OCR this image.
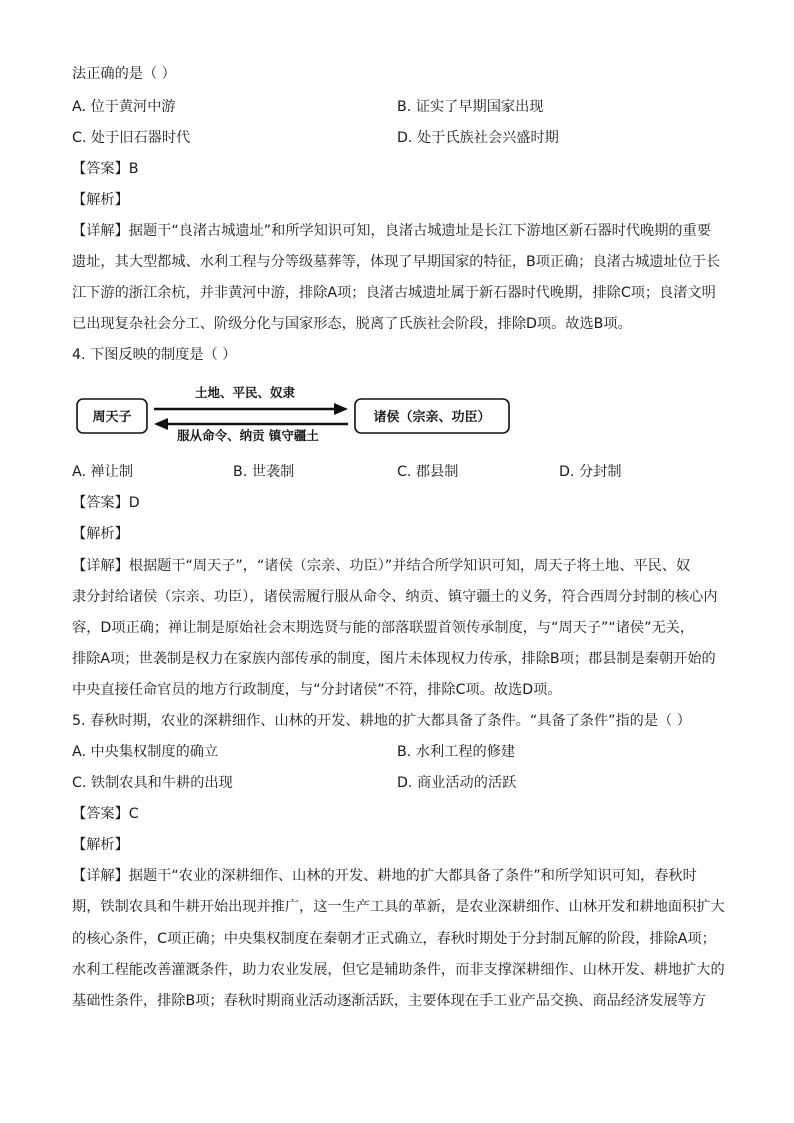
法正确的是（ ）
A. 位于黄河中游	B. 证实了早期国家出现
C. 处于旧石器时代	D. 处于氏族社会兴盛时期
【答案】B
【解析】
【详解】据题干“良渚古城遗址”和所学知识可知，良渚古城遗址是长江下游地区新石器时代晚期的重要
遗址，其大型都城、水利工程与分等级墓葬等，体现了早期国家的特征，B项正确；良渚古城遗址位于长
江下游的浙江余杭，并非黄河中游，排除A项；良渚古城遗址属于新石器时代晚期，排除C项；良渚文明
已出现复杂社会分工、阶级分化与国家形态，脱离了氏族社会阶段，排除D项。故选B项。
4. 下图反映的制度是（ ）
周天子	诸侯（宗亲、功臣）
土地、平民、奴隶
服从命令、纳贡 镇守疆土
A. 禅让制	B. 世袭制	C. 郡县制	D. 分封制
【答案】D
【解析】
【详解】根据题干“周天子”，“诸侯（宗亲、功臣）”并结合所学知识可知，周天子将土地、平民、奴
隶分封给诸侯（宗亲、功臣），诸侯需履行服从命令、纳贡、镇守疆土的义务，符合西周分封制的核心内
容，D项正确；禅让制是原始社会末期选贤与能的部落联盟首领传承制度，与“周天子”“诸侯”无关，
排除A项；世袭制是权力在家族内部传承的制度，图片未体现权力传承，排除B项；郡县制是秦朝开始的
中央直接任命官员的地方行政制度，与“分封诸侯”不符，排除C项。故选D项。
5. 春秋时期，农业的深耕细作、山林的开发、耕地的扩大都具备了条件。“具备了条件”指的是（ ）
A. 中央集权制度的确立	B. 水利工程的修建
C. 铁制农具和牛耕的出现	D. 商业活动的活跃
【答案】C
【解析】
【详解】据题干“农业的深耕细作、山林的开发、耕地的扩大都具备了条件”和所学知识可知，春秋时
期，铁制农具和牛耕开始出现并推广，这一生产工具的革新，是农业深耕细作、山林开发和耕地面积扩大
的核心条件，C项正确；中央集权制度在秦朝才正式确立，春秋时期处于分封制瓦解的阶段，排除A项；
水利工程能改善灌溉条件，助力农业发展，但它是辅助条件，而非支撑深耕细作、山林开发、耕地扩大的
基础性条件，排除B项；春秋时期商业活动逐渐活跃，主要体现在手工业产品交换、商品经济发展等方
